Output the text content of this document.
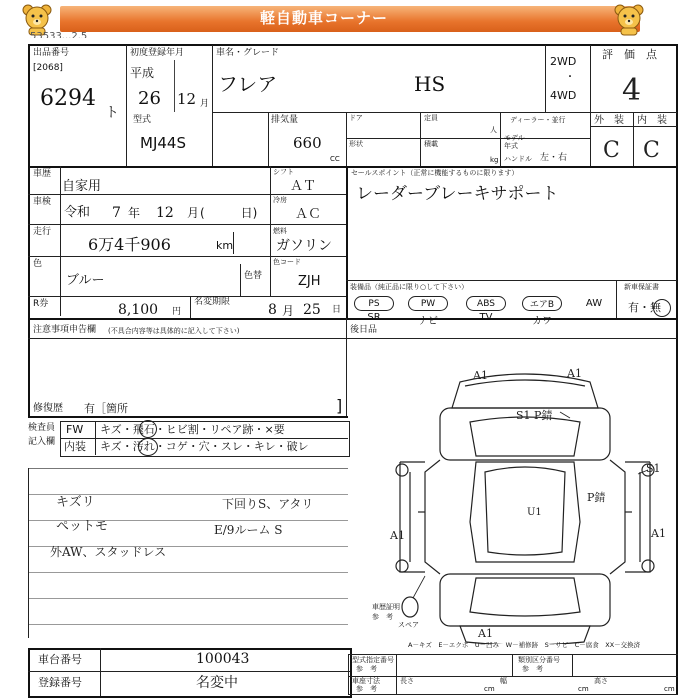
軽自動車コーナー
53533...2.5
出品番号
[2068]
6294
ト
初度登録年月
平成
26 12 月
車名・グレード
フレア	HS
2WD
・
4WD
評　価　点
4
型式
MJ44S
排気量
660
CC
ドア	定員
人
ディーラー・並行
モデル年式
形状	積載
kg ハンドル 左・右
外　装 内　装
C C
車歴
自家用
シフト
ＡＴ
車検
令和 7 年 12 月 (　　　日)
冷房
ＡＣ
走行
6万4千906	km
燃料
ガソリン
色
ブルー	色替
色コード
ZJH
R券	8,100 円
名変期限	8 月 25 日
セールスポイント（正常に機能するものに限ります）
レーダーブレーキサポート
装備品（純正品に限り○して下さい）	新車保証書
有・無
PS	PW	ABS	エアB	AW
SR	ナビ	TV	カワ
注意事項申告欄 (不具合内容等は具体的に記入して下さい)	後日品
修復歴 有［箇所	]
検査員
記入欄
FW キズ・飛石・ヒビ割・リペア跡・×要
内装 キズ・汚れ・コゲ・穴・スレ・キレ・破レ
キズリ
ペットモ
外AW、スタッドレス
下回りS、アタリ
E/9ルーム S
A1	A1
S1 P錆
S1
P錆
U1
A1	A1
A1
スペア
車歴証明
参　考
A－キズ　E－エクボ　U－凹み　W－補修跡　S－サビ　C－腐食　XX－交換済
車台番号	100043
登録番号	名変中
型式指定番号
参　考
類別区分番号
参　考
車座寸法
参　考
長さ
cm
幅
cm
高さ
cm
